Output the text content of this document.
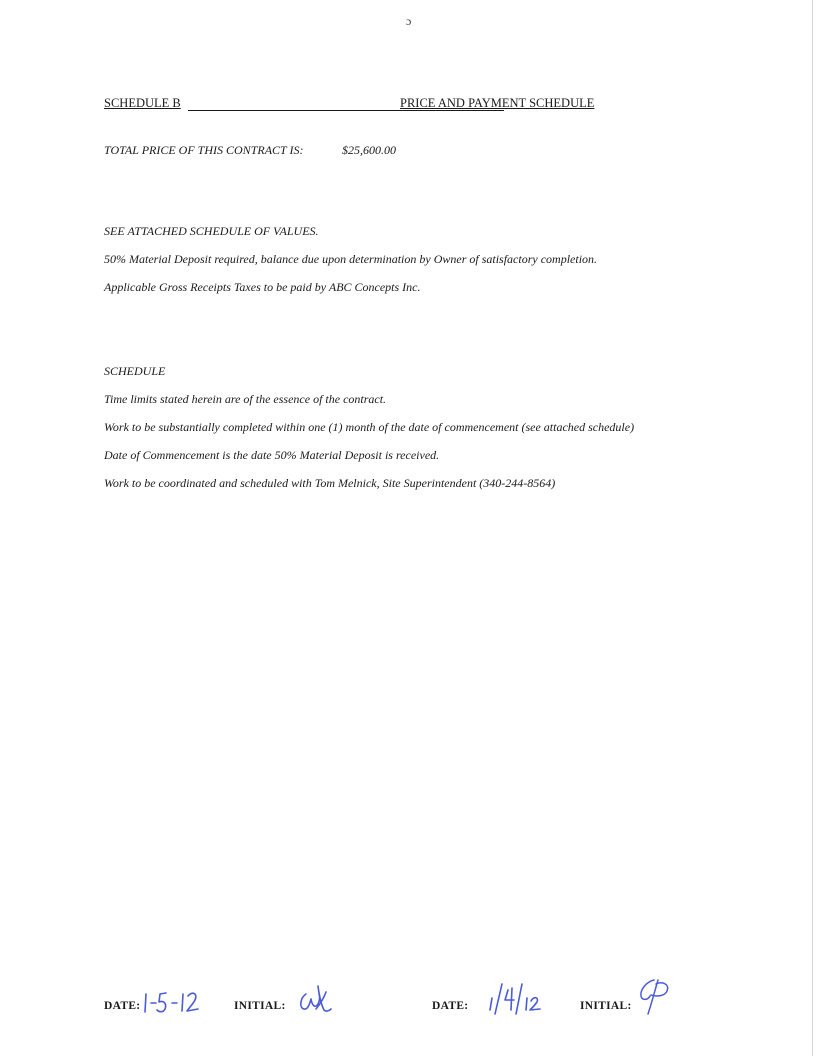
ɔ
SCHEDULE B	PRICE AND PAYMENT SCHEDULE
TOTAL PRICE OF THIS CONTRACT IS:	$25,600.00
SEE ATTACHED SCHEDULE OF VALUES.
50% Material Deposit required, balance due upon determination by Owner of satisfactory completion.
Applicable Gross Receipts Taxes to be paid by ABC Concepts Inc.
SCHEDULE
Time limits stated herein are of the essence of the contract.
Work to be substantially completed within one (1) month of the date of commencement (see attached schedule)
Date of Commencement is the date 50% Material Deposit is received.
Work to be coordinated and scheduled with Tom Melnick, Site Superintendent (340-244-8564)
DATE:	INITIAL:	DATE:	INITIAL:
